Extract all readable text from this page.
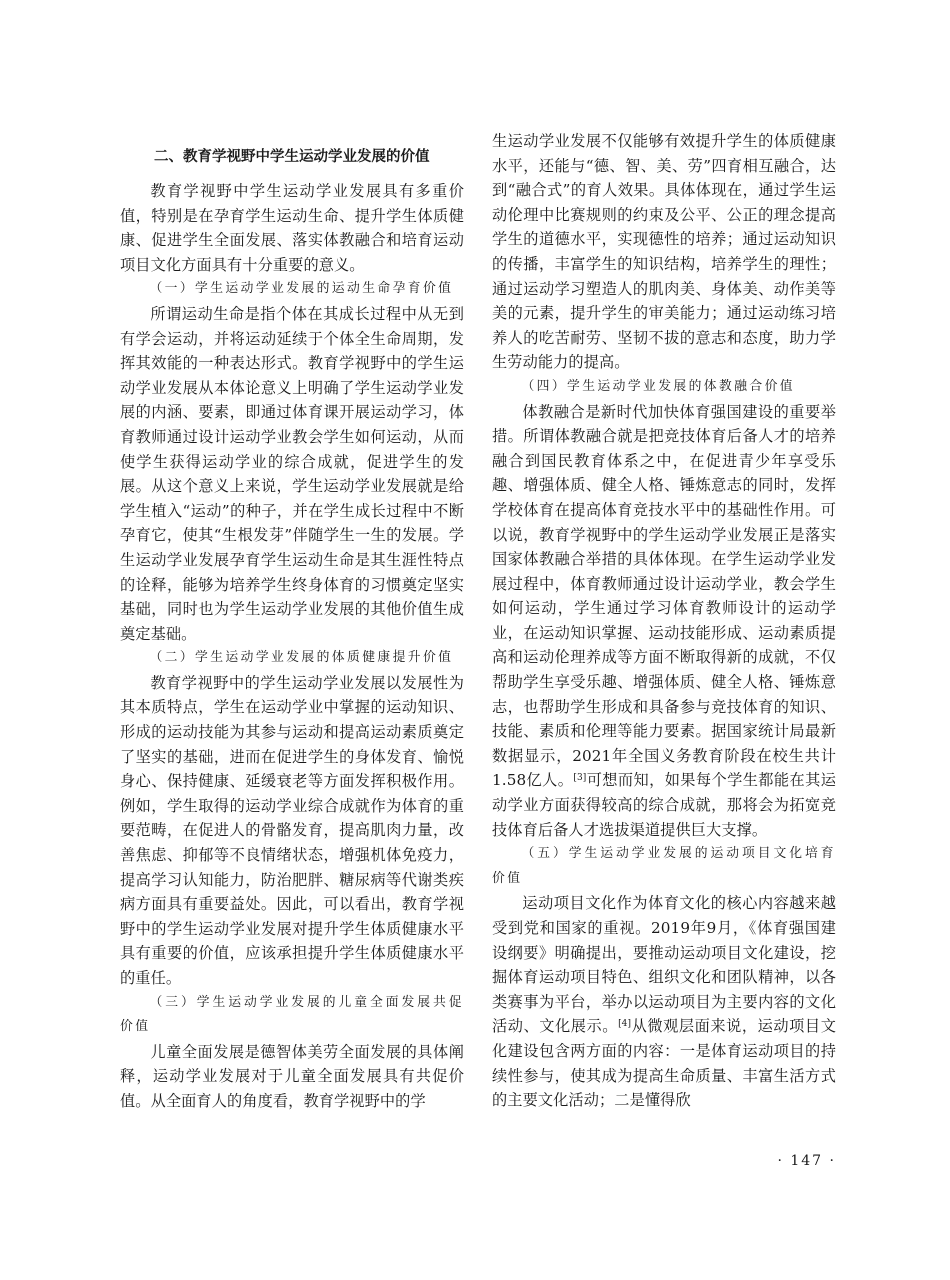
二、教育学视野中学生运动学业发展的价值

教育学视野中学生运动学业发展具有多重价值，特别是在孕育学生运动生命、提升学生体质健康、促进学生全面发展、落实体教融合和培育运动项目文化方面具有十分重要的意义。

（一）学生运动学业发展的运动生命孕育价值

所谓运动生命是指个体在其成长过程中从无到有学会运动，并将运动延续于个体全生命周期，发挥其效能的一种表达形式。教育学视野中的学生运动学业发展从本体论意义上明确了学生运动学业发展的内涵、要素，即通过体育课开展运动学习，体育教师通过设计运动学业教会学生如何运动，从而使学生获得运动学业的综合成就，促进学生的发展。从这个意义上来说，学生运动学业发展就是给学生植入“运动”的种子，并在学生成长过程中不断孕育它，使其“生根发芽”伴随学生一生的发展。学生运动学业发展孕育学生运动生命是其生涯性特点的诠释，能够为培养学生终身体育的习惯奠定坚实基础，同时也为学生运动学业发展的其他价值生成奠定基础。

（二）学生运动学业发展的体质健康提升价值

教育学视野中的学生运动学业发展以发展性为其本质特点，学生在运动学业中掌握的运动知识、形成的运动技能为其参与运动和提高运动素质奠定了坚实的基础，进而在促进学生的身体发育、愉悦身心、保持健康、延缓衰老等方面发挥积极作用。例如，学生取得的运动学业综合成就作为体育的重要范畴，在促进人的骨骼发育，提高肌肉力量，改善焦虑、抑郁等不良情绪状态，增强机体免疫力，提高学习认知能力，防治肥胖、糖尿病等代谢类疾病方面具有重要益处。因此，可以看出，教育学视野中的学生运动学业发展对提升学生体质健康水平具有重要的价值，应该承担提升学生体质健康水平的重任。

（三）学生运动学业发展的儿童全面发展共促价值

儿童全面发展是德智体美劳全面发展的具体阐释，运动学业发展对于儿童全面发展具有共促价值。从全面育人的角度看，教育学视野中的学

生运动学业发展不仅能够有效提升学生的体质健康水平，还能与“德、智、美、劳”四育相互融合，达到“融合式”的育人效果。具体体现在，通过学生运动伦理中比赛规则的约束及公平、公正的理念提高学生的道德水平，实现德性的培养；通过运动知识的传播，丰富学生的知识结构，培养学生的理性；通过运动学习塑造人的肌肉美、身体美、动作美等美的元素，提升学生的审美能力；通过运动练习培养人的吃苦耐劳、坚韧不拔的意志和态度，助力学生劳动能力的提高。

（四）学生运动学业发展的体教融合价值

体教融合是新时代加快体育强国建设的重要举措。所谓体教融合就是把竞技体育后备人才的培养融合到国民教育体系之中，在促进青少年享受乐趣、增强体质、健全人格、锤炼意志的同时，发挥学校体育在提高体育竞技水平中的基础性作用。可以说，教育学视野中的学生运动学业发展正是落实国家体教融合举措的具体体现。在学生运动学业发展过程中，体育教师通过设计运动学业，教会学生如何运动，学生通过学习体育教师设计的运动学业，在运动知识掌握、运动技能形成、运动素质提高和运动伦理养成等方面不断取得新的成就，不仅帮助学生享受乐趣、增强体质、健全人格、锤炼意志，也帮助学生形成和具备参与竞技体育的知识、技能、素质和伦理等能力要素。据国家统计局最新数据显示，2021年全国义务教育阶段在校生共计1.58亿人。[3]可想而知，如果每个学生都能在其运动学业方面获得较高的综合成就，那将会为拓宽竞技体育后备人才选拔渠道提供巨大支撑。

（五）学生运动学业发展的运动项目文化培育价值

运动项目文化作为体育文化的核心内容越来越受到党和国家的重视。2019年9月，《体育强国建设纲要》明确提出，要推动运动项目文化建设，挖掘体育运动项目特色、组织文化和团队精神，以各类赛事为平台，举办以运动项目为主要内容的文化活动、文化展示。[4]从微观层面来说，运动项目文化建设包含两方面的内容：一是体育运动项目的持续性参与，使其成为提高生命质量、丰富生活方式的主要文化活动；二是懂得欣

· 147 ·
